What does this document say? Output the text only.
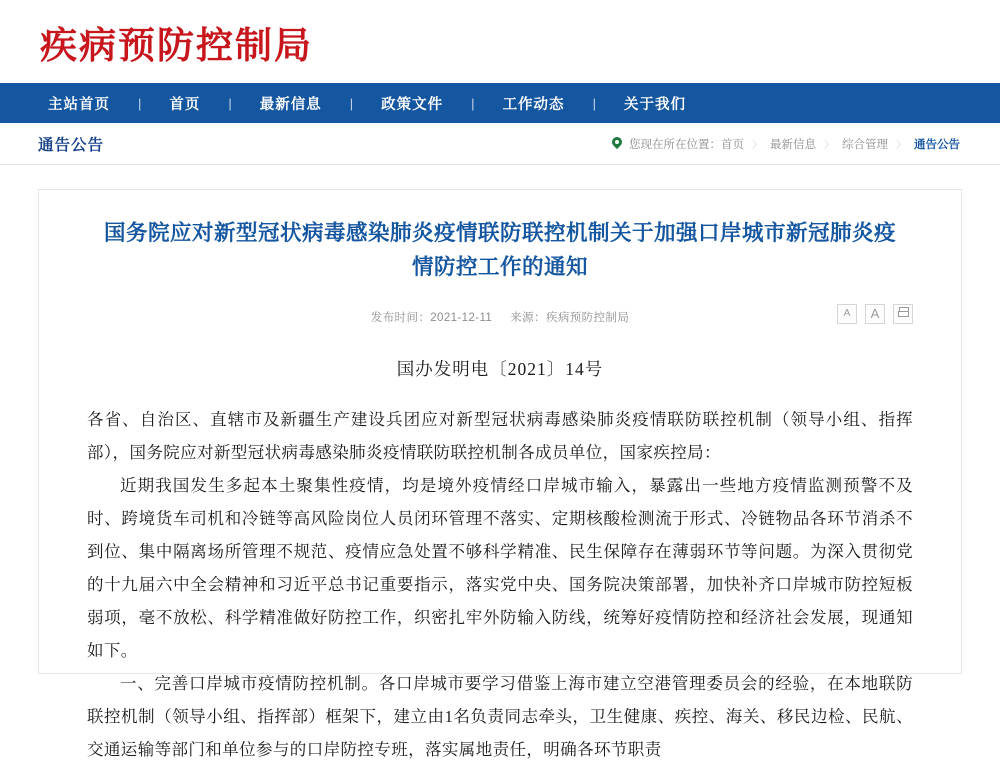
疾病预防控制局
主站首页	|	首页	|	最新信息	|	政策文件	|	工作动态	|	关于我们
通告公告	您现在所在位置： 首页 〉 最新信息 〉 综合管理 〉 通告公告
国务院应对新型冠状病毒感染肺炎疫情联防联控机制关于加强口岸城市新冠肺炎疫情防控工作的通知
发布时间：2021-12-11 来源：疾病预防控制局	A	A
国办发明电〔2021〕14号

各省、自治区、直辖市及新疆生产建设兵团应对新型冠状病毒感染肺炎疫情联防联控机制（领导小组、指挥部），国务院应对新型冠状病毒感染肺炎疫情联防联控机制各成员单位，国家疾控局：

近期我国发生多起本土聚集性疫情，均是境外疫情经口岸城市输入，暴露出一些地方疫情监测预警不及时、跨境货车司机和冷链等高风险岗位人员闭环管理不落实、定期核酸检测流于形式、冷链物品各环节消杀不到位、集中隔离场所管理不规范、疫情应急处置不够科学精准、民生保障存在薄弱环节等问题。为深入贯彻党的十九届六中全会精神和习近平总书记重要指示，落实党中央、国务院决策部署，加快补齐口岸城市防控短板弱项，毫不放松、科学精准做好防控工作，织密扎牢外防输入防线，统筹好疫情防控和经济社会发展，现通知如下。

一、完善口岸城市疫情防控机制。各口岸城市要学习借鉴上海市建立空港管理委员会的经验，在本地联防联控机制（领导小组、指挥部）框架下，建立由1名负责同志牵头，卫生健康、疾控、海关、移民边检、民航、交通运输等部门和单位参与的口岸防控专班，落实属地责任，明确各环节职责
